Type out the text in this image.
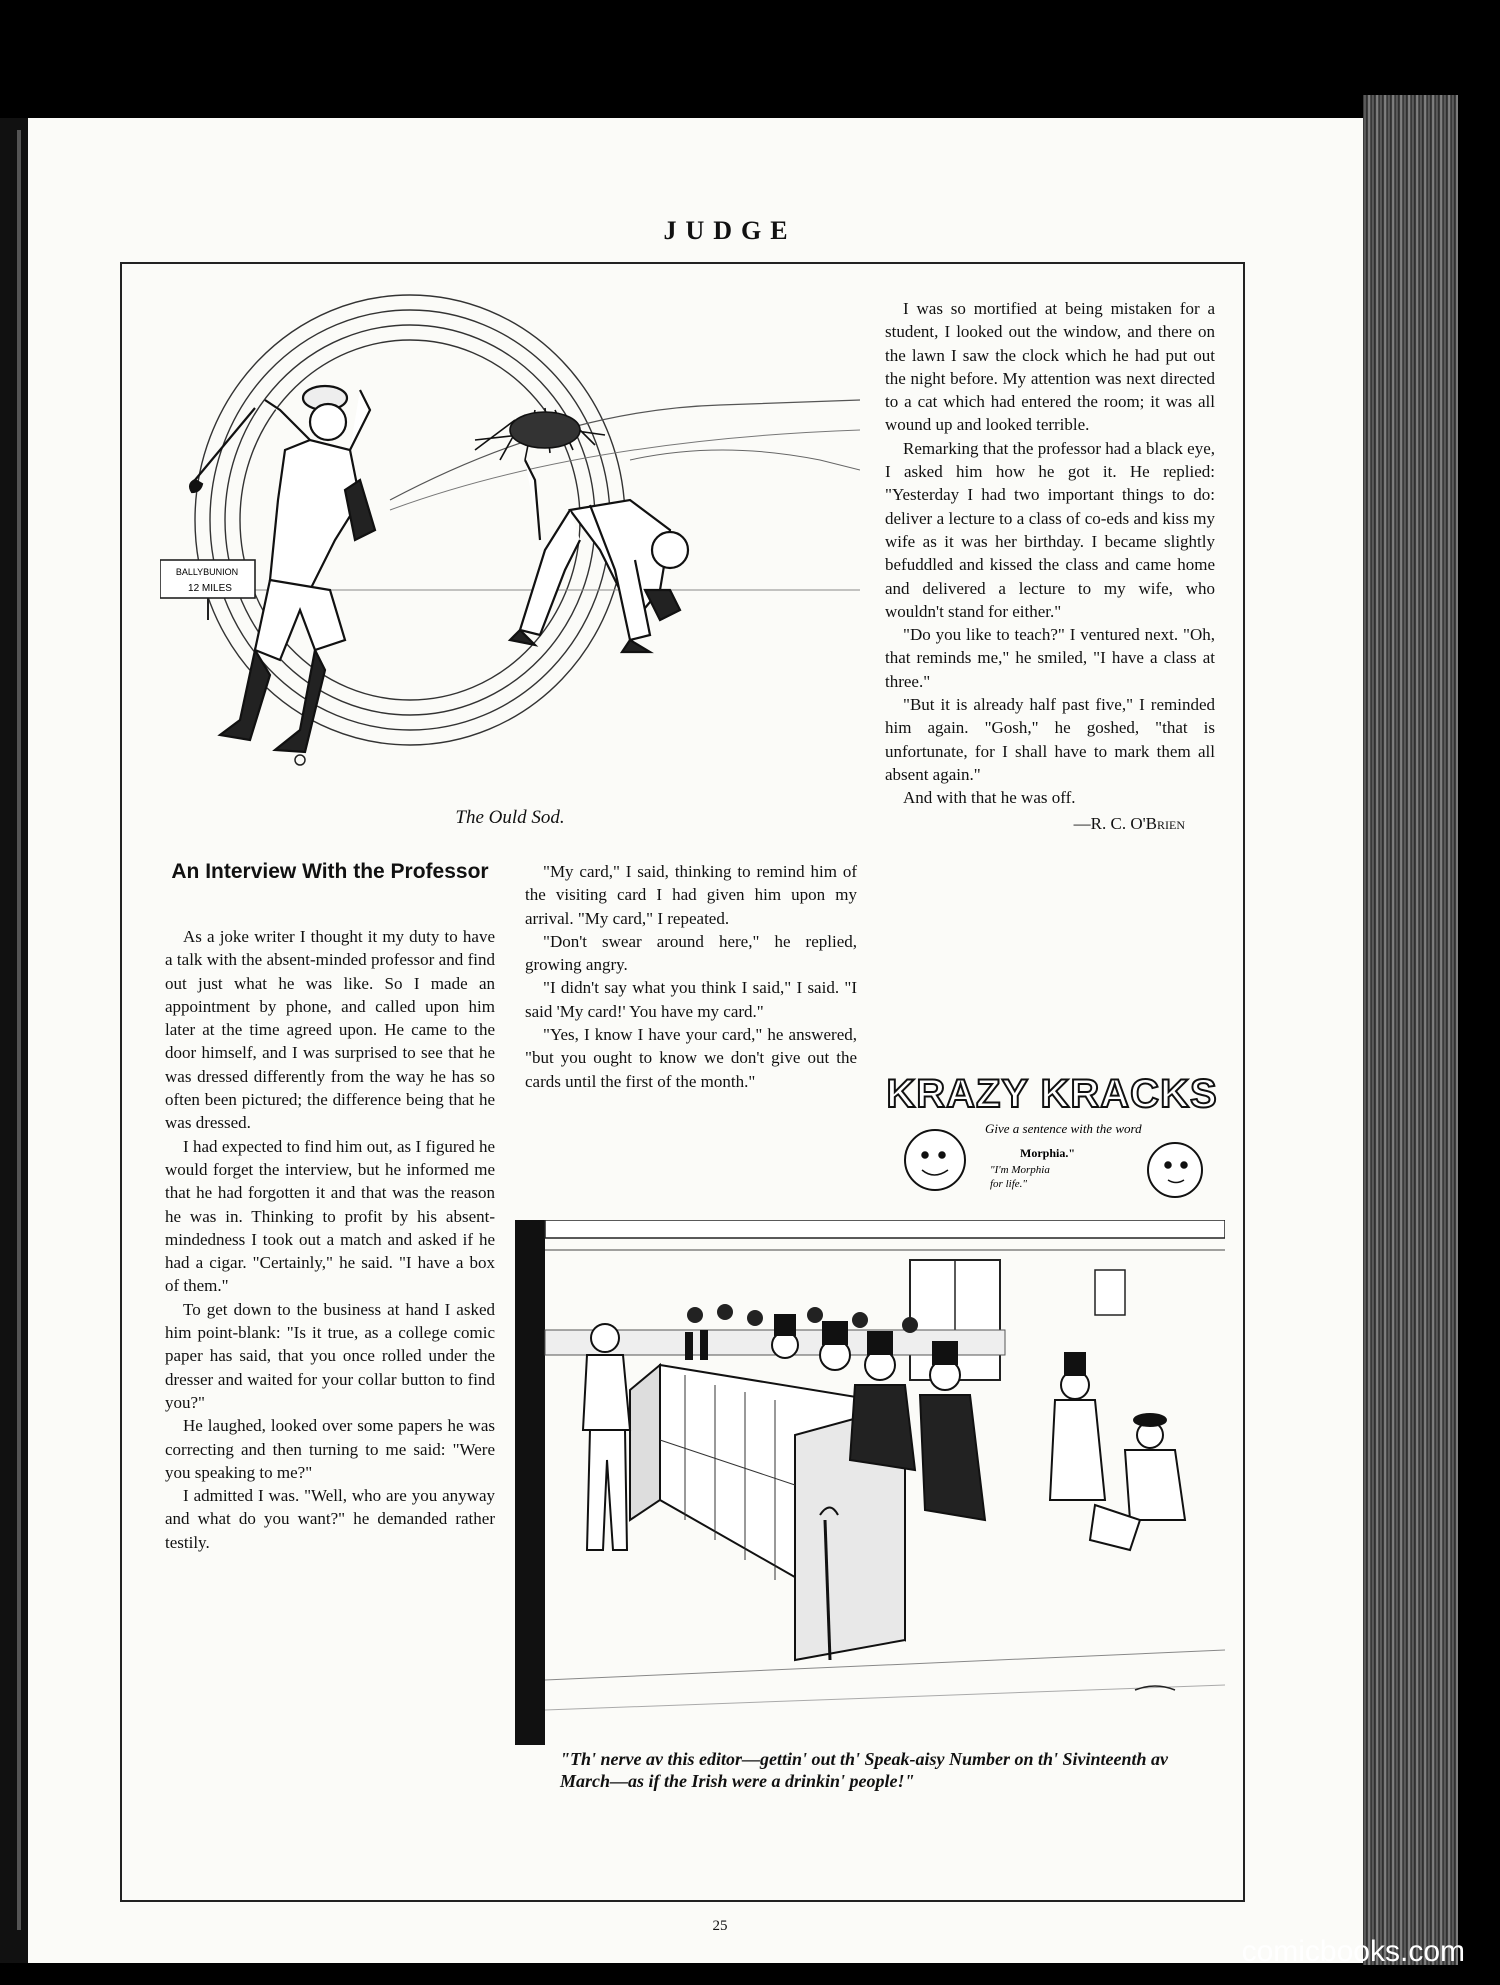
JUDGE
BALLYBUNION
12 MILES
The Ould Sod.
An Interview With the Professor

As a joke writer I thought it my duty to have a talk with the absent-minded professor and find out just what he was like. So I made an appointment by phone, and called upon him later at the time agreed upon. He came to the door himself, and I was surprised to see that he was dressed differently from the way he has so often been pictured; the difference being that he was dressed.

I had expected to find him out, as I figured he would forget the interview, but he informed me that he had forgotten it and that was the reason he was in. Thinking to profit by his absent-mindedness I took out a match and asked if he had a cigar. "Certainly," he said. "I have a box of them."

To get down to the business at hand I asked him point-blank: "Is it true, as a college comic paper has said, that you once rolled under the dresser and waited for your collar button to find you?"

He laughed, looked over some papers he was correcting and then turning to me said: "Were you speaking to me?"

I admitted I was. "Well, who are you anyway and what do you want?" he demanded rather testily.

"My card," I said, thinking to remind him of the visiting card I had given him upon my arrival. "My card," I repeated.

"Don't swear around here," he replied, growing angry.

"I didn't say what you think I said," I said. "I said 'My card!' You have my card."

"Yes, I know I have your card," he answered, "but you ought to know we don't give out the cards until the first of the month."

I was so mortified at being mistaken for a student, I looked out the window, and there on the lawn I saw the clock which he had put out the night before. My attention was next directed to a cat which had entered the room; it was all wound up and looked terrible.

Remarking that the professor had a black eye, I asked him how he got it. He replied: "Yesterday I had two important things to do: deliver a lecture to a class of co-eds and kiss my wife as it was her birthday. I became slightly befuddled and kissed the class and came home and delivered a lecture to my wife, who wouldn't stand for either."

"Do you like to teach?" I ventured next. "Oh, that reminds me," he smiled, "I have a class at three."

"But it is already half past five," I reminded him again. "Gosh," he goshed, "that is unfortunate, for I shall have to mark them all absent again."

And with that he was off.

—R. C. O'Brien
KRAZY KRACKS
Give a sentence with the word
Morphia."
"I'm Morphia
for life."
"Th' nerve av this editor—gettin' out th' Speak-aisy Number on th' Sivinteenth av March—as if the Irish were a drinkin' people!"
25
comicbooks.com
